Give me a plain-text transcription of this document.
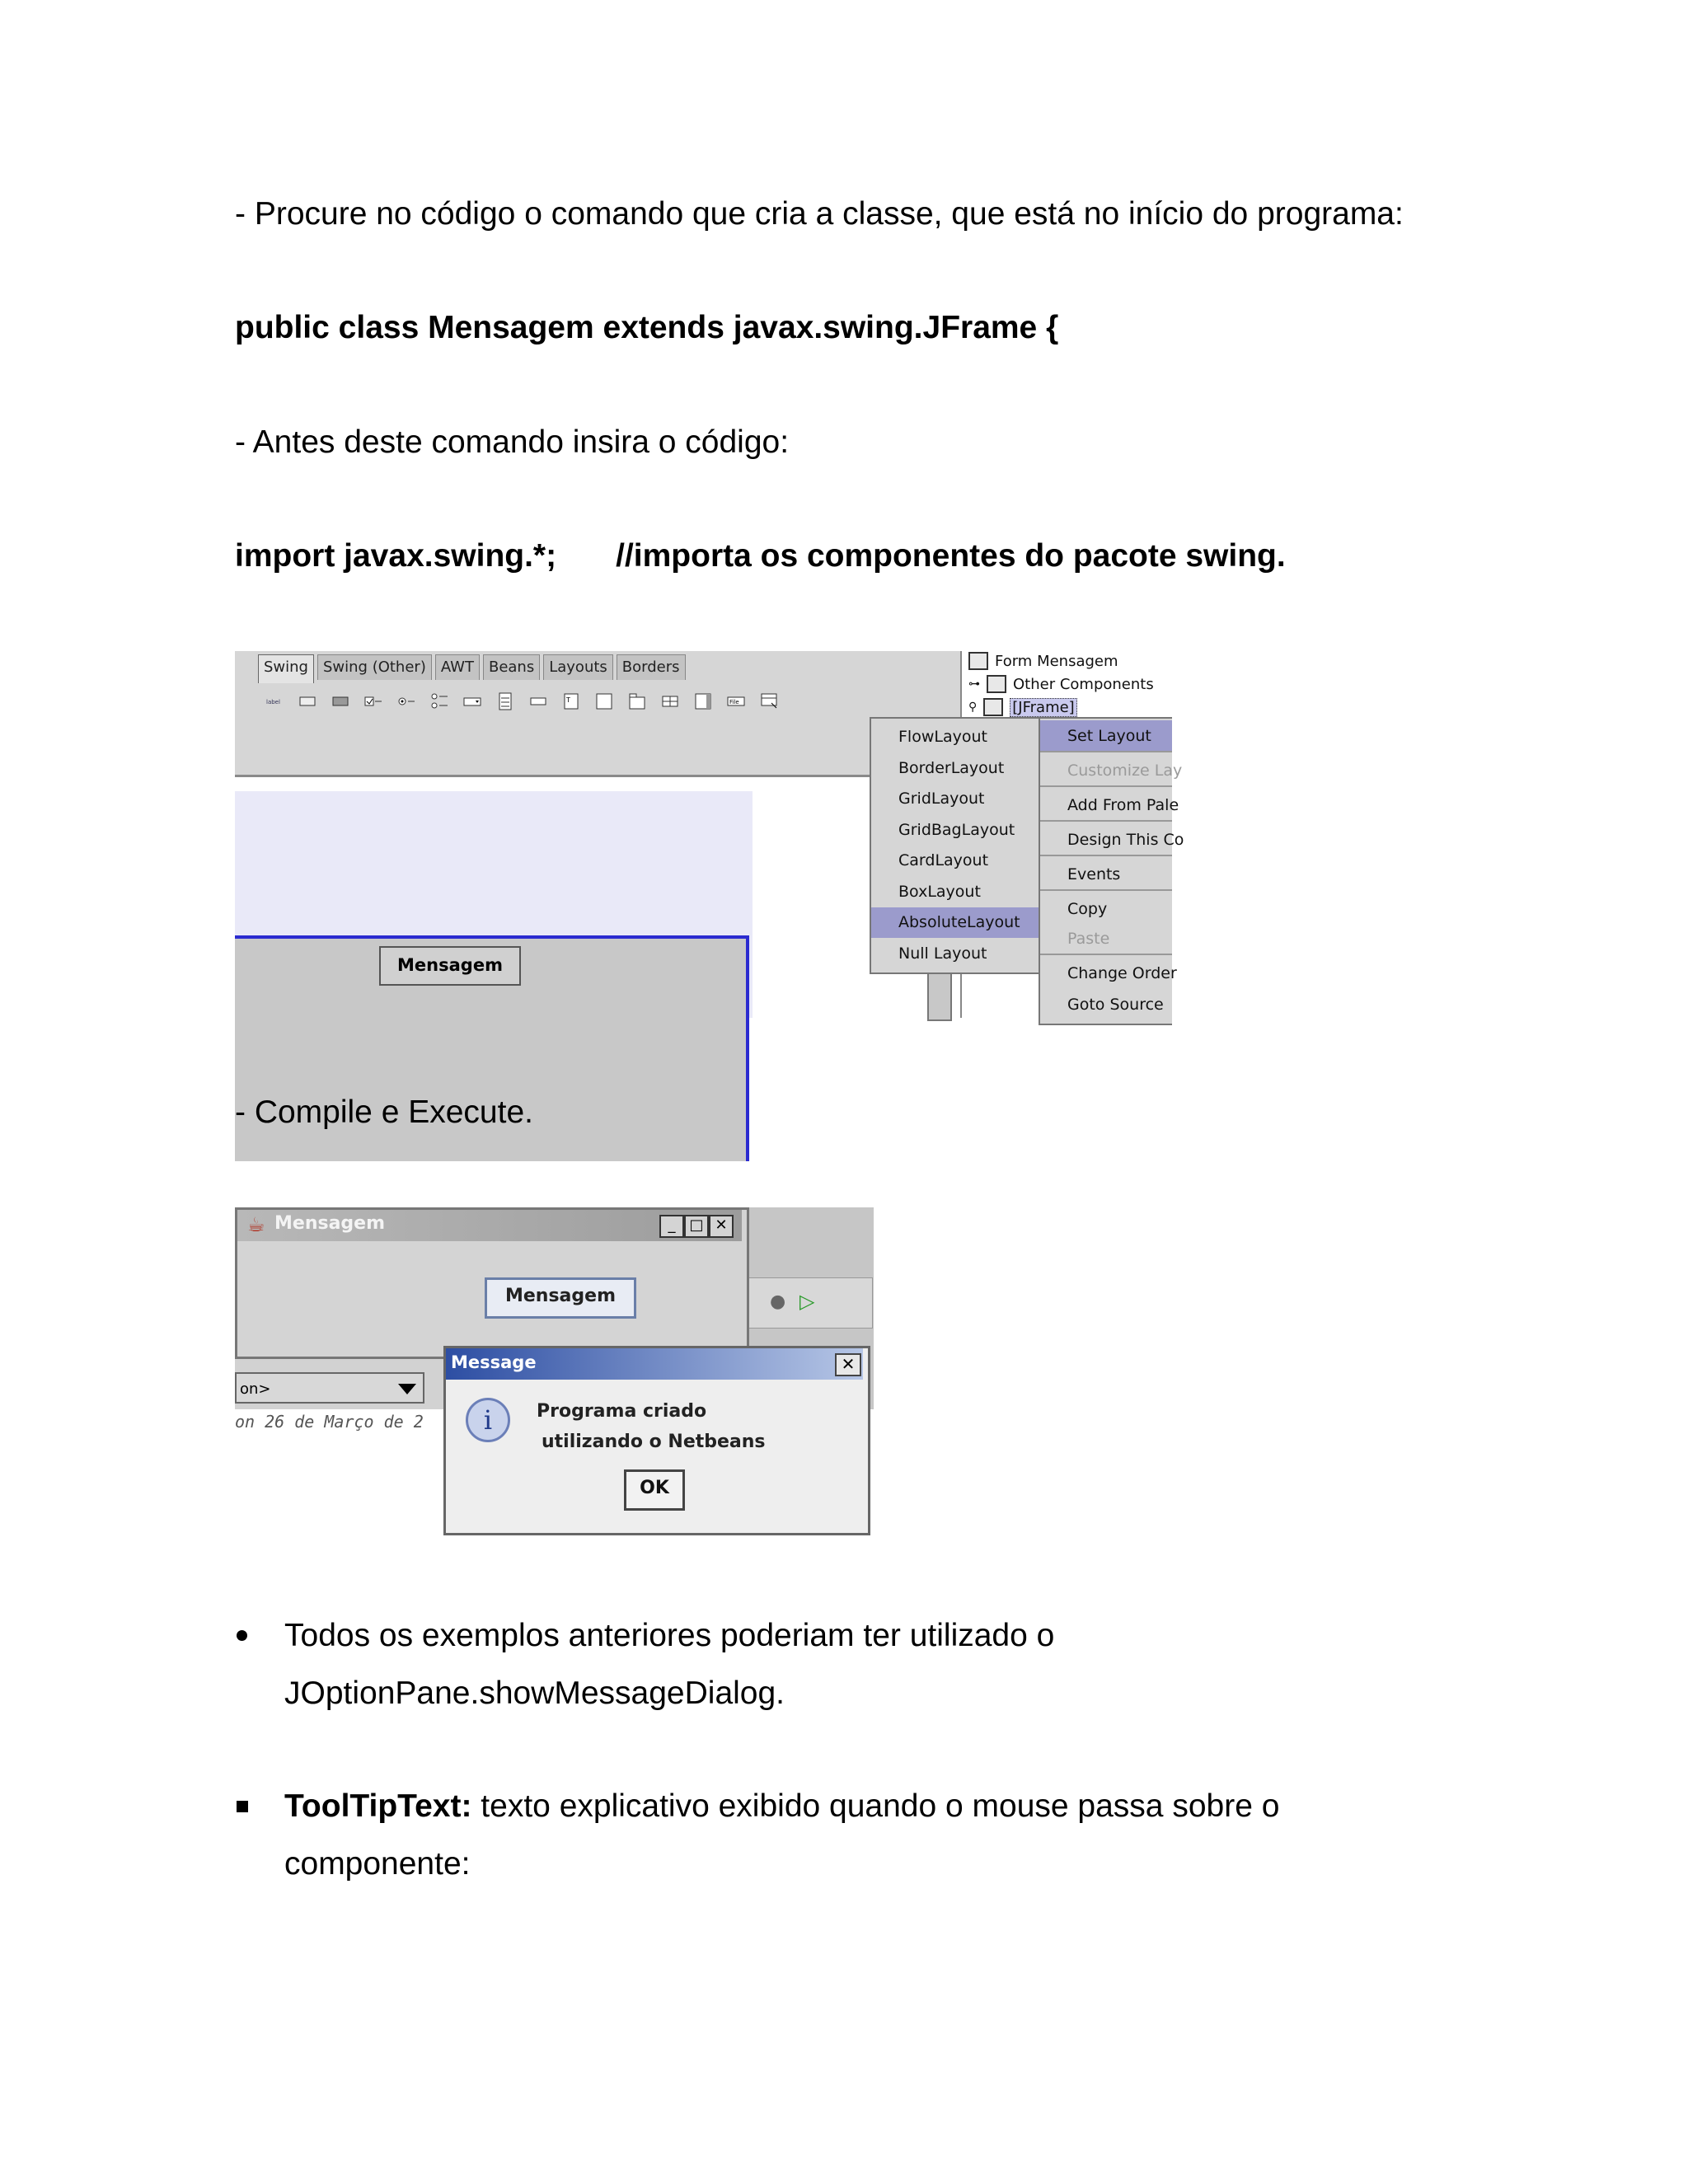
- Procure no código o comando que cria a classe, que está no início do programa:
public class Mensagem extends javax.swing.JFrame {
- Antes deste comando insira o código:
import javax.swing.*; //importa os componentes do pacote swing.
Swing	Swing (Other)	AWT	Beans	Layouts	Borders
label	T	File
Mensagem
Form Mensagem
⊶ Other Components
⚲ [JFrame]
FlowLayout
BorderLayout
GridLayout
GridBagLayout
CardLayout
BoxLayout
AbsoluteLayout
Null Layout
Set Layout
Customize Lay
Add From Pale
Design This Co
Events
Copy
Paste
Change Order
Goto Source
- Compile e Execute.
● ▷
on>
on 26 de Março de 2
☕ Mensagem	_ □ ✕
Mensagem
Message	✕
i	Programa criado
utilizando o Netbeans
OK
Todos os exemplos anteriores poderiam ter utilizado o
JOptionPane.showMessageDialog.
ToolTipText: texto explicativo exibido quando o mouse passa sobre o
componente:
